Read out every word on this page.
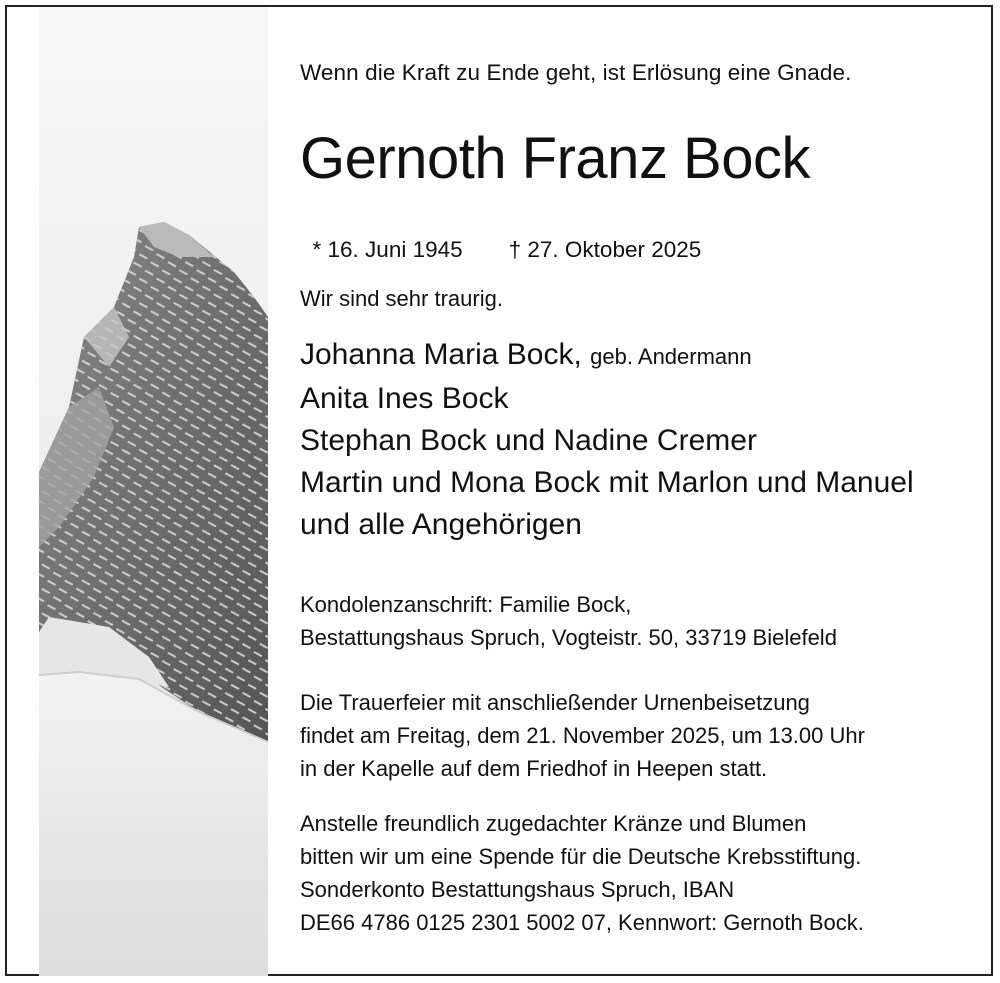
Wenn die Kraft zu Ende geht, ist Erlösung eine Gnade.
Gernoth Franz Bock

* 16. Juni 1945 † 27. Oktober 2025

Wir sind sehr traurig.
Johanna Maria Bock, geb. Andermann
Anita Ines Bock
Stephan Bock und Nadine Cremer
Martin und Mona Bock mit Marlon und Manuel
und alle Angehörigen
Kondolenzanschrift: Familie Bock,
Bestattungshaus Spruch, Vogteistr. 50, 33719 Bielefeld
Die Trauerfeier mit anschließender Urnenbeisetzung
findet am Freitag, dem 21. November 2025, um 13.00 Uhr
in der Kapelle auf dem Friedhof in Heepen statt.
Anstelle freundlich zugedachter Kränze und Blumen
bitten wir um eine Spende für die Deutsche Krebsstiftung.
Sonderkonto Bestattungshaus Spruch, IBAN
DE66 4786 0125 2301 5002 07, Kennwort: Gernoth Bock.
